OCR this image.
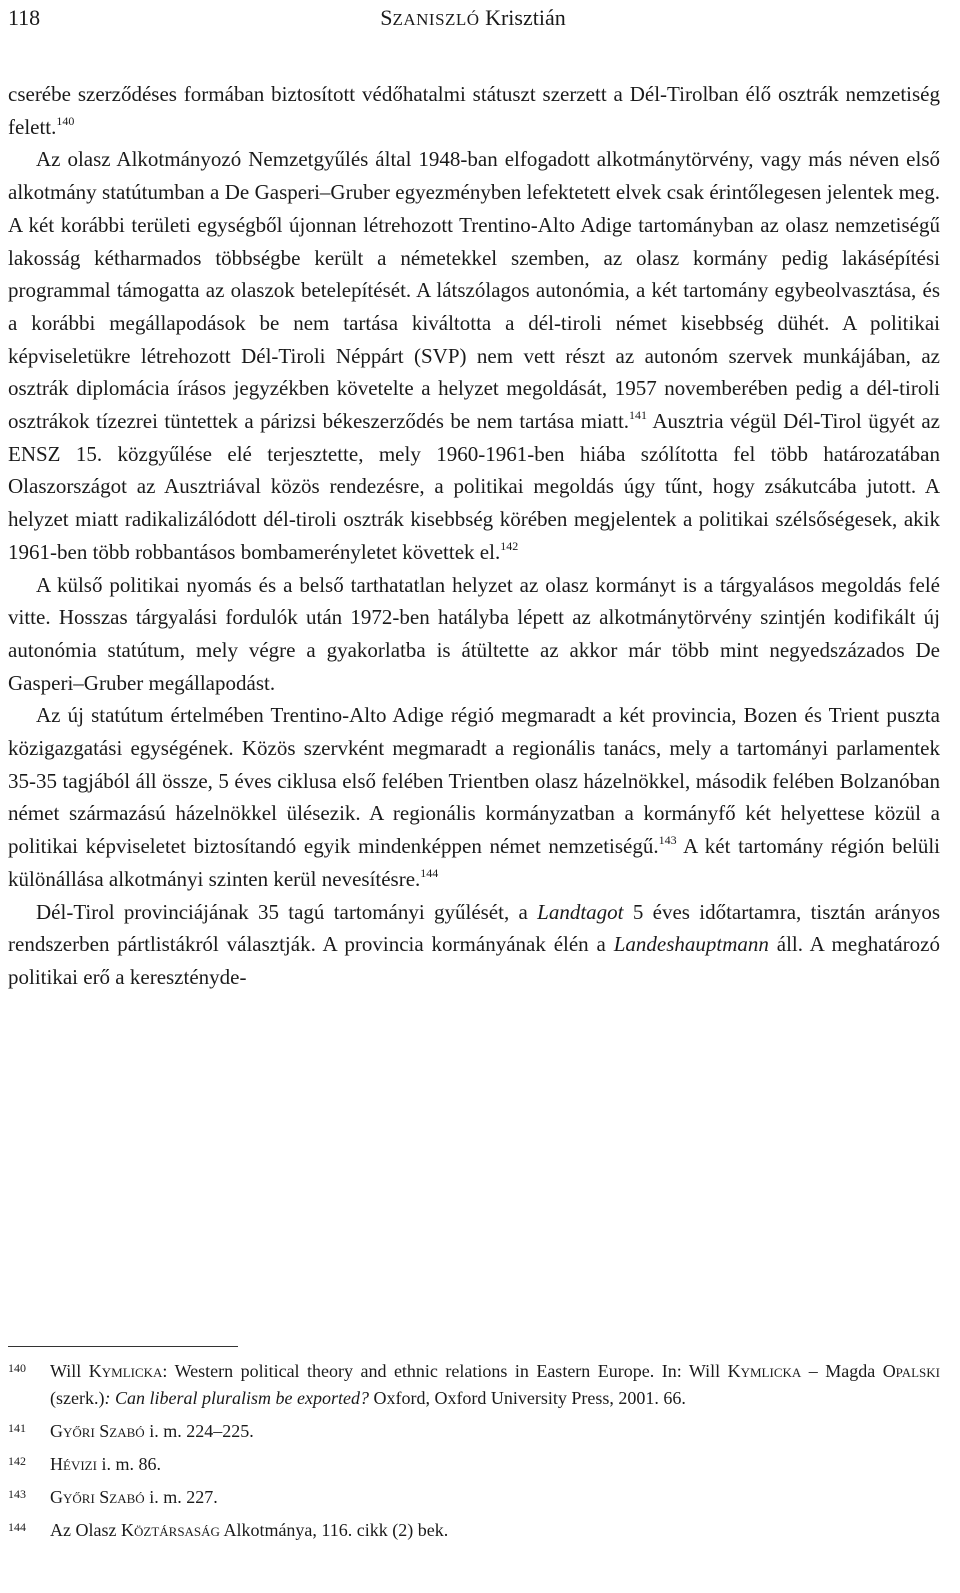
118	SZANISZLÓ Krisztián

cserébe szerződéses formában biztosított védőhatalmi státuszt szerzett a Dél-Tirolban élő osztrák nemzetiség felett.$^{140}$

Az olasz Alkotmányozó Nemzetgyűlés által 1948-ban elfogadott alkotmánytörvény, vagy más néven első alkotmány statútumban a De Gasperi–Gruber egyezményben lefektetett elvek csak érintőlegesen jelentek meg. A két korábbi területi egységből újonnan létrehozott Trentino-Alto Adige tartományban az olasz nemzetiségű lakosság kétharmados többségbe került a németekkel szemben, az olasz kormány pedig lakásépítési programmal támogatta az olaszok betelepítését. A látszólagos autonómia, a két tartomány egybeolvasztása, és a korábbi megállapodások be nem tartása kiváltotta a dél-tiroli német kisebbség dühét. A politikai képviseletükre létrehozott Dél-Tiroli Néppárt (SVP) nem vett részt az autonóm szervek munkájában, az osztrák diplomácia írásos jegyzékben követelte a helyzet megoldását, 1957 novemberében pedig a dél-tiroli osztrákok tízezrei tüntettek a párizsi békeszerződés be nem tartása miatt.$^{141}$ Ausztria végül Dél-Tirol ügyét az ENSZ 15. közgyűlése elé terjesztette, mely 1960-1961-ben hiába szólította fel több határozatában Olaszországot az Ausztriával közös rendezésre, a politikai megoldás úgy tűnt, hogy zsákutcába jutott. A helyzet miatt radikalizálódott dél-tiroli osztrák kisebbség körében megjelentek a politikai szélsőségesek, akik 1961-ben több robbantásos bombamerényletet követtek el.$^{142}$

A külső politikai nyomás és a belső tarthatatlan helyzet az olasz kormányt is a tárgyalásos megoldás felé vitte. Hosszas tárgyalási fordulók után 1972-ben hatályba lépett az alkotmánytörvény szintjén kodifikált új autonómia statútum, mely végre a gyakorlatba is átültette az akkor már több mint negyedszázados De Gasperi–Gruber megállapodást.

Az új statútum értelmében Trentino-Alto Adige régió megmaradt a két provincia, Bozen és Trient puszta közigazgatási egységének. Közös szervként megmaradt a regionális tanács, mely a tartományi parlamentek 35-35 tagjából áll össze, 5 éves ciklusa első felében Trientben olasz házelnökkel, második felében Bolzanóban német származású házelnökkel ülésezik. A regionális kormányzatban a kormányfő két helyettese közül a politikai képviseletet biztosítandó egyik mindenképpen német nemzetiségű.$^{143}$ A két tartomány régión belüli különállása alkotmányi szinten kerül nevesítésre.$^{144}$

Dél-Tirol provinciájának 35 tagú tartományi gyűlését, a Landtagot 5 éves időtartamra, tisztán arányos rendszerben pártlistákról választják. A provincia kormányának élén a Landeshauptmann áll. A meghatározó politikai erő a keresztényde-

140 Will Kymlicka: Western political theory and ethnic relations in Eastern Europe. In: Will Kymlicka – Magda Opalski (szerk.): Can liberal pluralism be exported? Oxford, Oxford University Press, 2001. 66.
141 Győri Szabó i. m. 224–225.
142 Hévizi i. m. 86.
143 Győri Szabó i. m. 227.
144 Az Olasz Köztársaság Alkotmánya, 116. cikk (2) bek.
